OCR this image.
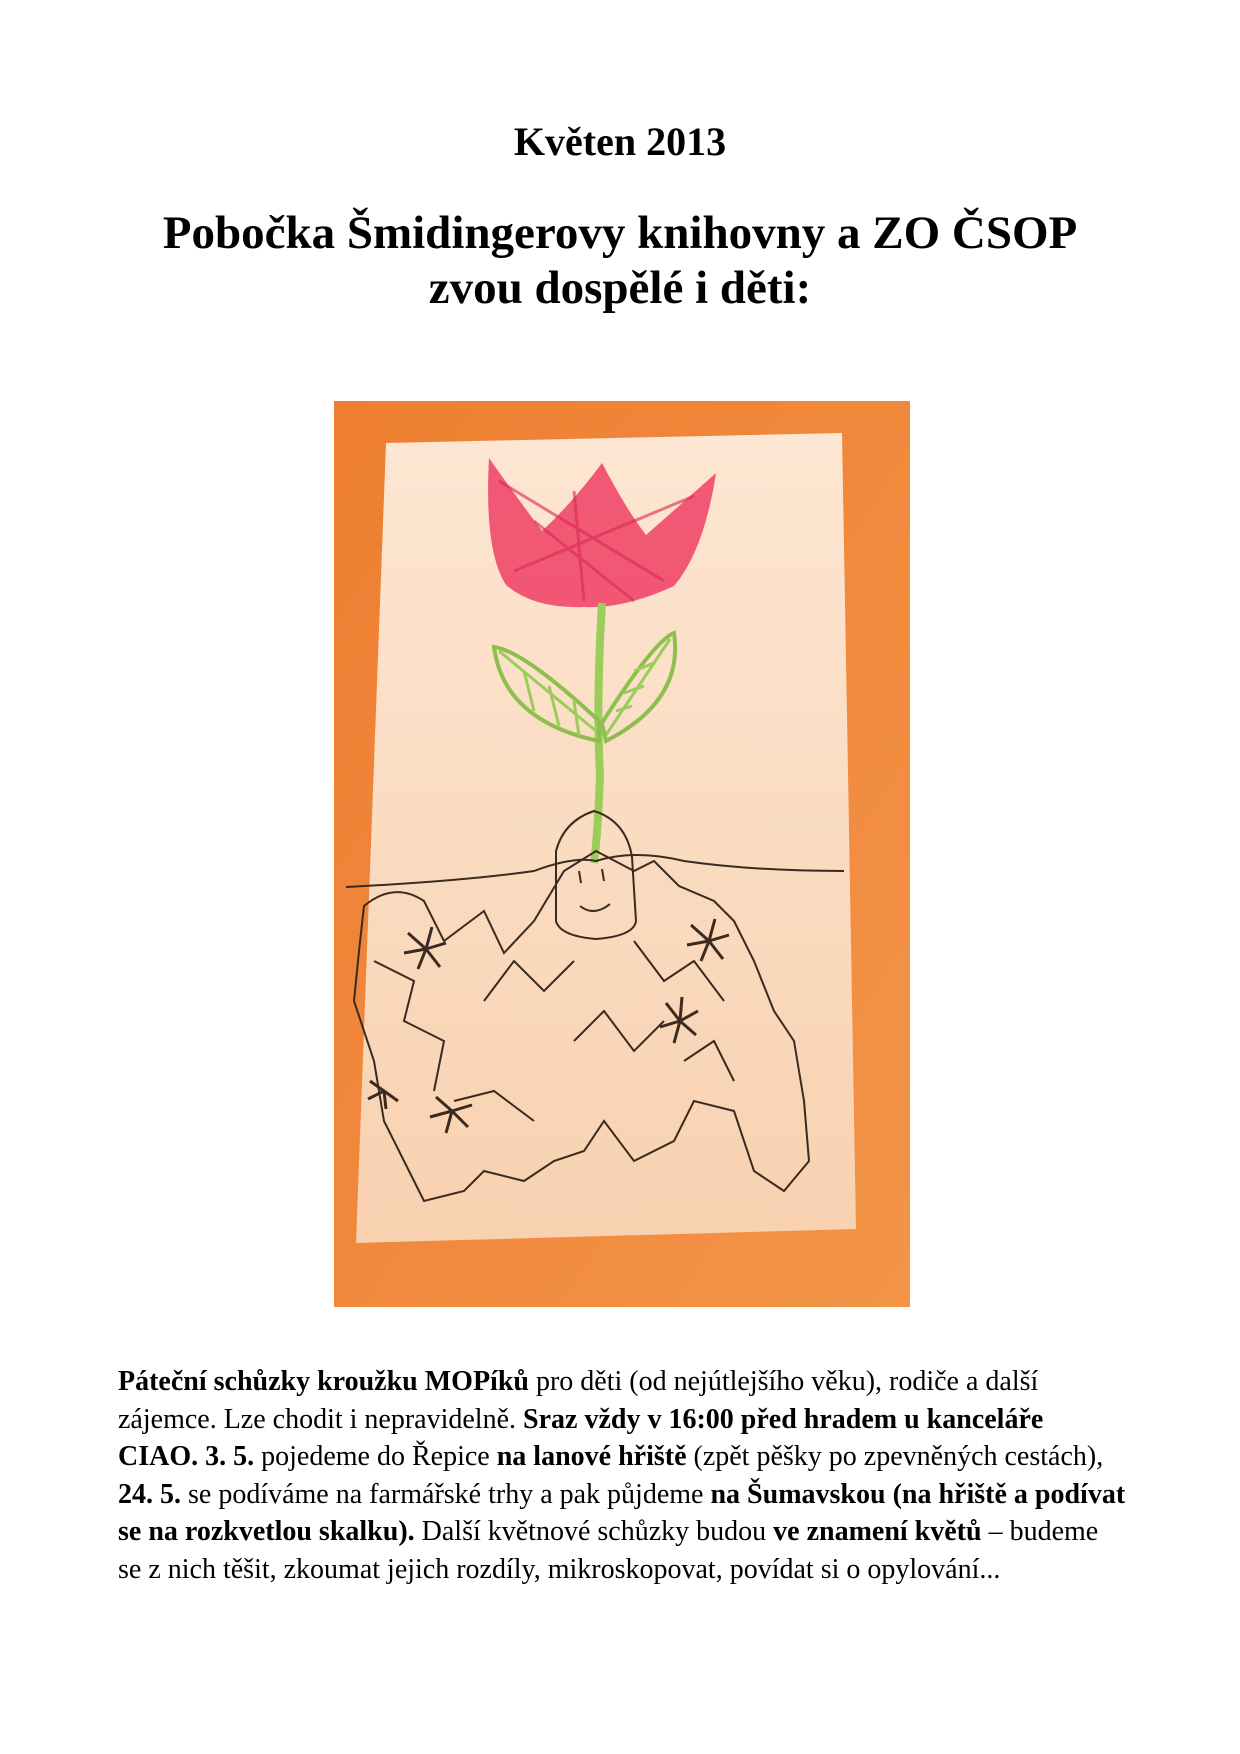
Květen 2013
Pobočka Šmidingerovy knihovny a ZO ČSOP
zvou dospělé i děti:

Páteční schůzky kroužku MOPíků pro děti (od nejútlejšího věku), rodiče a další zájemce. Lze chodit i nepravidelně. Sraz vždy v 16:00 před hradem u kanceláře CIAO. 3. 5. pojedeme do Řepice na lanové hřiště (zpět pěšky po zpevněných cestách), 24. 5. se podíváme na farmářské trhy a pak půjdeme na Šumavskou (na hřiště a podívat se na rozkvetlou skalku). Další květnové schůzky budou ve znamení květů – budeme se z nich těšit, zkoumat jejich rozdíly, mikroskopovat, povídat si o opylování...
